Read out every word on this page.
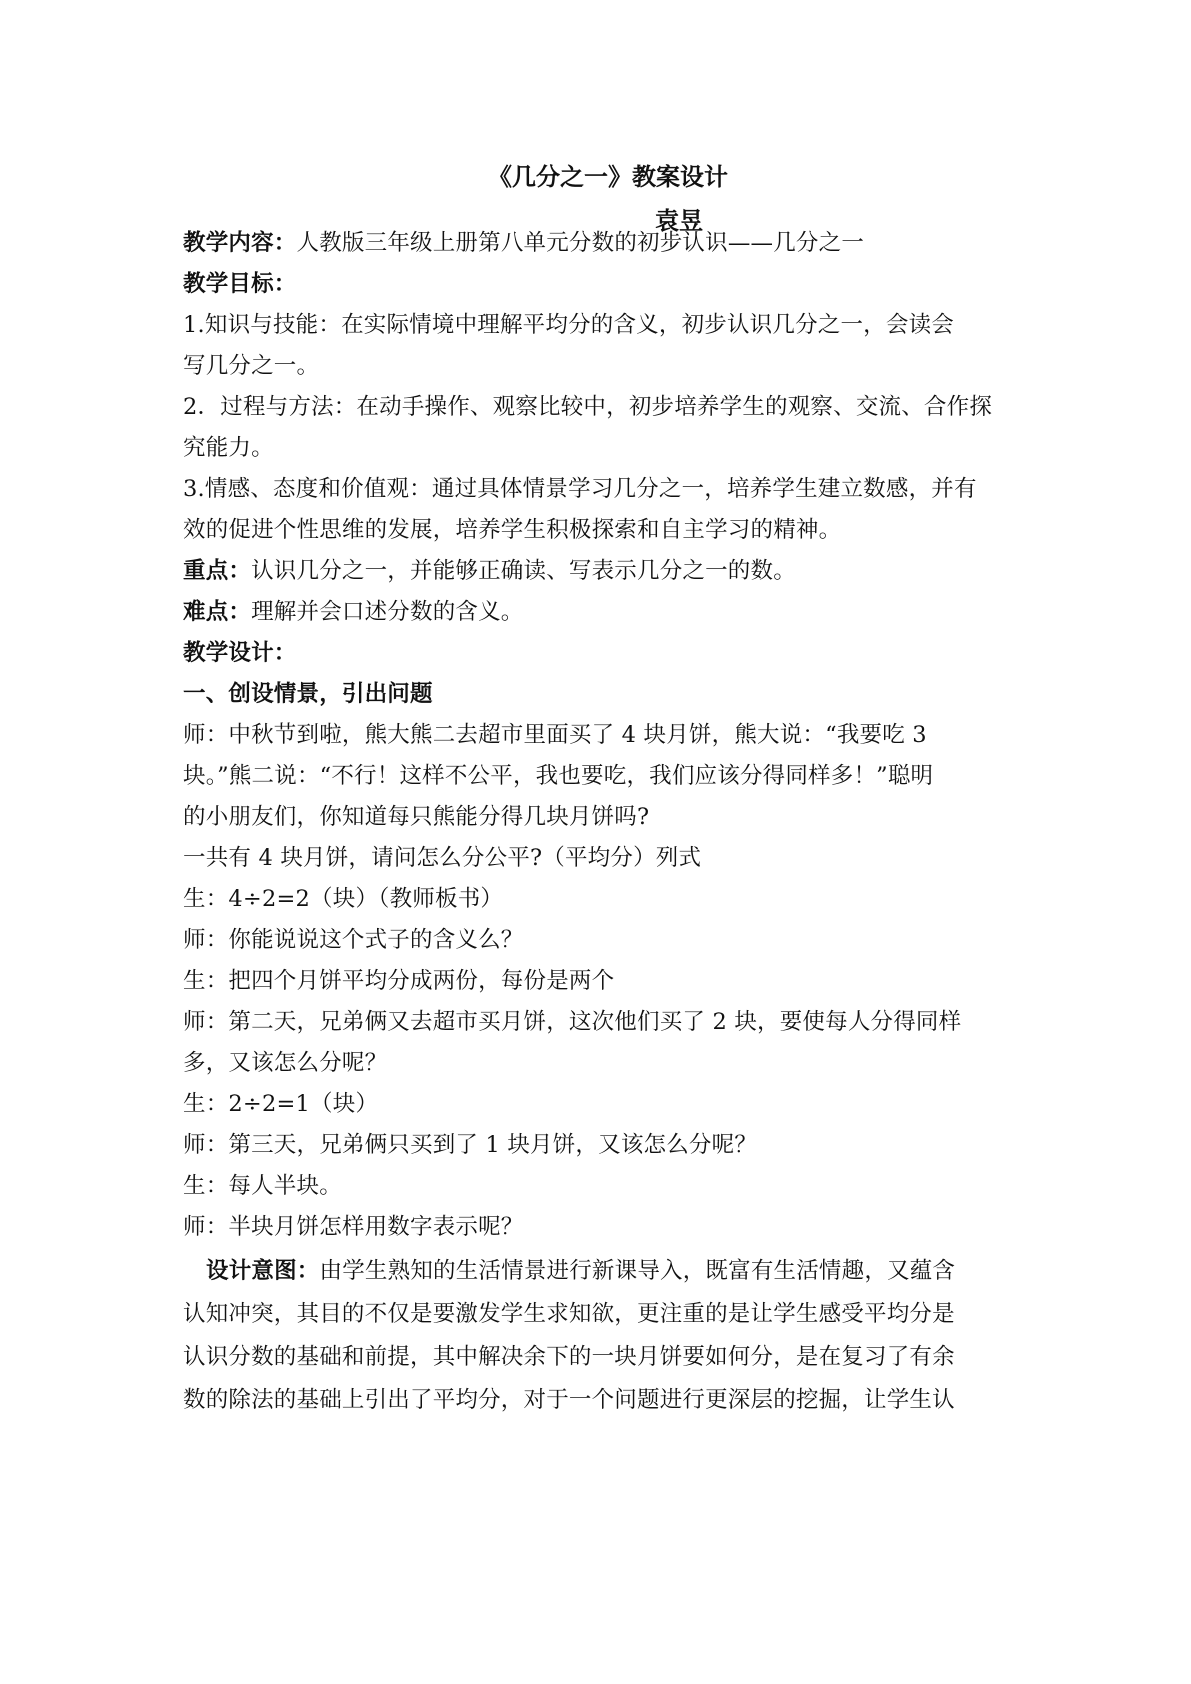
《几分之一》教案设计
袁昱
教学内容：人教版三年级上册第八单元分数的初步认识——几分之一
教学目标：
1.知识与技能：在实际情境中理解平均分的含义，初步认识几分之一，会读会
写几分之一。
2．过程与方法：在动手操作、观察比较中，初步培养学生的观察、交流、合作探
究能力。
3.情感、态度和价值观：通过具体情景学习几分之一，培养学生建立数感，并有
效的促进个性思维的发展，培养学生积极探索和自主学习的精神。
重点：认识几分之一，并能够正确读、写表示几分之一的数。
难点：理解并会口述分数的含义。
教学设计：
一、创设情景，引出问题
师：中秋节到啦，熊大熊二去超市里面买了 4 块月饼，熊大说：“我要吃 3
块。”熊二说：“不行！这样不公平，我也要吃，我们应该分得同样多！”聪明
的小朋友们，你知道每只熊能分得几块月饼吗?
一共有 4 块月饼，请问怎么分公平?（平均分）列式
生：4÷2=2（块）（教师板书）
师：你能说说这个式子的含义么？
生：把四个月饼平均分成两份，每份是两个
师：第二天，兄弟俩又去超市买月饼，这次他们买了 2 块，要使每人分得同样
多，又该怎么分呢？
生：2÷2=1（块）
师：第三天，兄弟俩只买到了 1 块月饼，又该怎么分呢？
生：每人半块。
师：半块月饼怎样用数字表示呢？
设计意图：由学生熟知的生活情景进行新课导入，既富有生活情趣，又蕴含
认知冲突，其目的不仅是要激发学生求知欲，更注重的是让学生感受平均分是
认识分数的基础和前提，其中解决余下的一块月饼要如何分，是在复习了有余
数的除法的基础上引出了平均分，对于一个问题进行更深层的挖掘，让学生认
